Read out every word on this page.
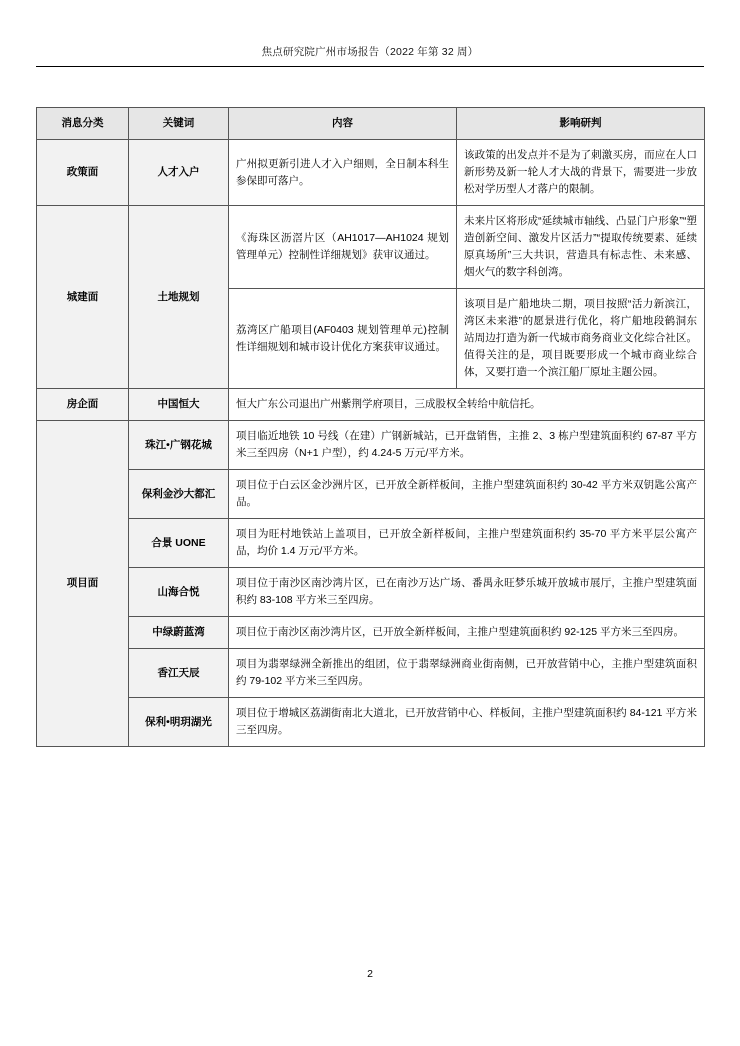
焦点研究院广州市场报告（2022 年第 32 周）
消息分类	关键词	内容	影响研判
政策面	人才入户	广州拟更新引进人才入户细则，全日制本科生参保即可落户。	该政策的出发点并不是为了刺激买房，而应在人口新形势及新一轮人才大战的背景下，需要进一步放松对学历型人才落户的限制。
城建面	土地规划	《海珠区沥滘片区（AH1017—AH1024 规划管理单元）控制性详细规划》获审议通过。	未来片区将形成“延续城市轴线、凸显门户形象”“塑造创新空间、激发片区活力”“提取传统要素、延续原真场所”三大共识，营造具有标志性、未来感、烟火气的数字科创湾。
		荔湾区广船项目(AF0403 规划管理单元)控制性详细规划和城市设计优化方案获审议通过。	该项目是广船地块二期，项目按照“活力新滨江，湾区未来港”的愿景进行优化，将广船地段鹤洞东站周边打造为新一代城市商务商业文化综合社区。值得关注的是，项目既要形成一个城市商业综合体，又要打造一个滨江船厂原址主题公园。
房企面	中国恒大	恒大广东公司退出广州紫荆学府项目，三成股权全转给中航信托。	
项目面	珠江•广钢花城	项目临近地铁 10 号线（在建）广钢新城站，已开盘销售，主推 2、3 栋户型建筑面积约 67-87 平方米三至四房（N+1 户型），约 4.24-5 万元/平方米。	
	保利金沙大都汇	项目位于白云区金沙洲片区，已开放全新样板间，主推户型建筑面积约 30-42 平方米双钥匙公寓产品。	
	合景 UONE	项目为旺村地铁站上盖项目，已开放全新样板间，主推户型建筑面积约 35-70 平方米平层公寓产品，均价 1.4 万元/平方米。	
	山海合悦	项目位于南沙区南沙湾片区，已在南沙万达广场、番禺永旺梦乐城开放城市展厅，主推户型建筑面积约 83-108 平方米三至四房。	
	中绿蔚蓝湾	项目位于南沙区南沙湾片区，已开放全新样板间，主推户型建筑面积约 92-125 平方米三至四房。	
	香江天辰	项目为翡翠绿洲全新推出的组团，位于翡翠绿洲商业街南侧，已开放营销中心，主推户型建筑面积约 79-102 平方米三至四房。	
	保利•明玥湖光	项目位于增城区荔湖街南北大道北，已开放营销中心、样板间，主推户型建筑面积约 84-121 平方米三至四房。	
2
